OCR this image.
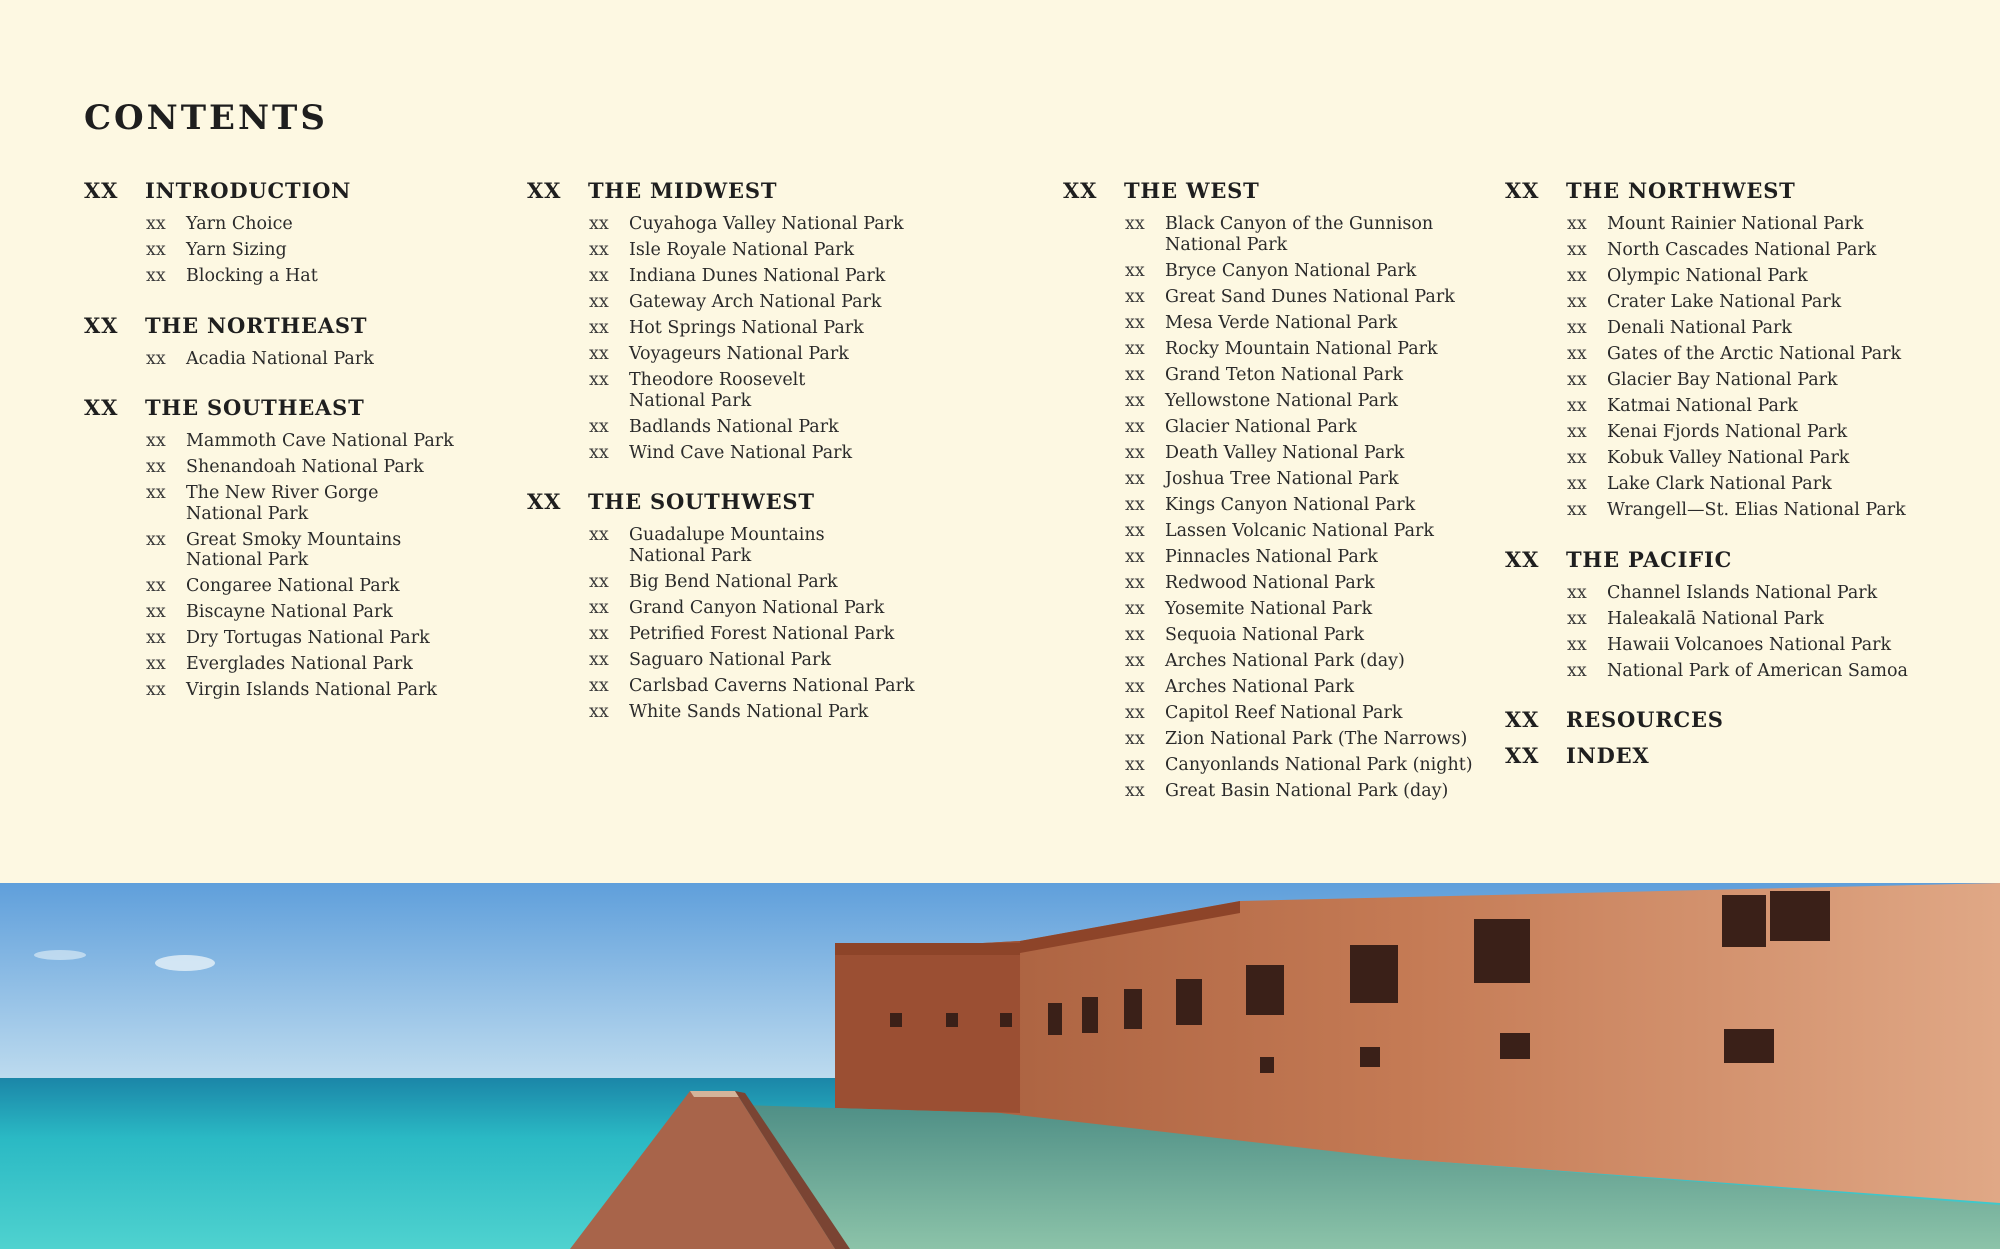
CONTENTS
XX	INTRODUCTION
xx	Yarn Choice
xx	Yarn Sizing
xx	Blocking a Hat
XX	THE NORTHEAST
xx	Acadia National Park
XX	THE SOUTHEAST
xx	Mammoth Cave National Park
xx	Shenandoah National Park
xx	The New River Gorge
National Park
xx	Great Smoky Mountains
National Park
xx	Congaree National Park
xx	Biscayne National Park
xx	Dry Tortugas National Park
xx	Everglades National Park
xx	Virgin Islands National Park
XX	THE MIDWEST
xx	Cuyahoga Valley National Park
xx	Isle Royale National Park
xx	Indiana Dunes National Park
xx	Gateway Arch National Park
xx	Hot Springs National Park
xx	Voyageurs National Park
xx	Theodore Roosevelt
National Park
xx	Badlands National Park
xx	Wind Cave National Park
XX	THE SOUTHWEST
xx	Guadalupe Mountains
National Park
xx	Big Bend National Park
xx	Grand Canyon National Park
xx	Petrified Forest National Park
xx	Saguaro National Park
xx	Carlsbad Caverns National Park
xx	White Sands National Park
XX	THE WEST
xx	Black Canyon of the Gunnison
National Park
xx	Bryce Canyon National Park
xx	Great Sand Dunes National Park
xx	Mesa Verde National Park
xx	Rocky Mountain National Park
xx	Grand Teton National Park
xx	Yellowstone National Park
xx	Glacier National Park
xx	Death Valley National Park
xx	Joshua Tree National Park
xx	Kings Canyon National Park
xx	Lassen Volcanic National Park
xx	Pinnacles National Park
xx	Redwood National Park
xx	Yosemite National Park
xx	Sequoia National Park
xx	Arches National Park (day)
xx	Arches National Park
xx	Capitol Reef National Park
xx	Zion National Park (The Narrows)
xx	Canyonlands National Park (night)
xx	Great Basin National Park (day)
XX	THE NORTHWEST
xx	Mount Rainier National Park
xx	North Cascades National Park
xx	Olympic National Park
xx	Crater Lake National Park
xx	Denali National Park
xx	Gates of the Arctic National Park
xx	Glacier Bay National Park
xx	Katmai National Park
xx	Kenai Fjords National Park
xx	Kobuk Valley National Park
xx	Lake Clark National Park
xx	Wrangell—St. Elias National Park
XX	THE PACIFIC
xx	Channel Islands National Park
xx	Haleakalā National Park
xx	Hawaii Volcanoes National Park
xx	National Park of American Samoa
XX	RESOURCES
XX	INDEX
